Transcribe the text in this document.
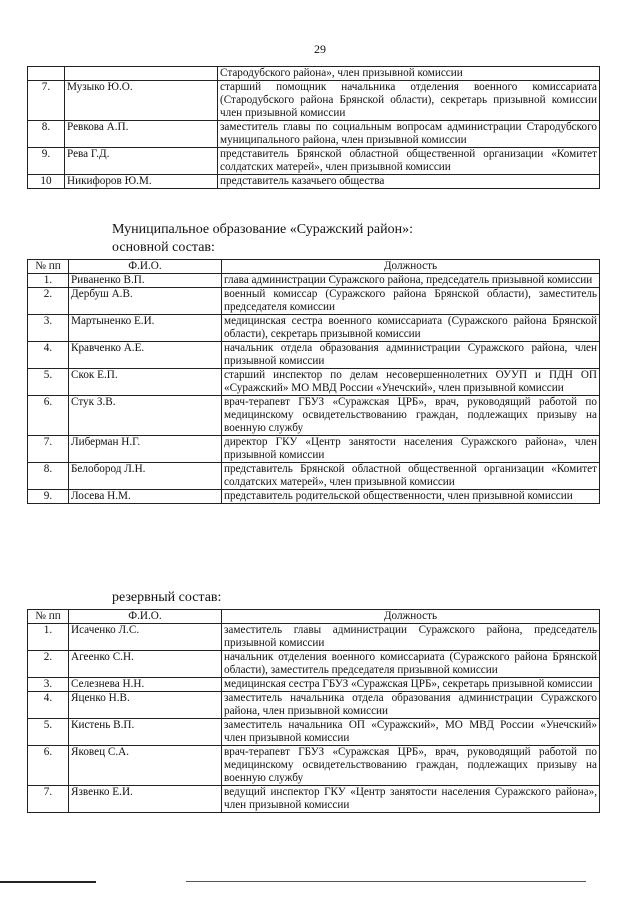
29
		Стародубского района», член призывной комиссии
7.	Музыко Ю.О.	старший помощник начальника отделения военного комиссариата (Стародубского района Брянской области), секретарь призывной комиссии член призывной комиссии
8.	Ревкова А.П.	заместитель главы по социальным вопросам администрации Стародубского муниципального района, член призывной комиссии
9.	Рева Г.Д.	представитель Брянской областной общественной организации «Комитет солдатских матерей», член призывной комиссии
10	Никифоров Ю.М.	представитель казачьего общества
Муниципальное образование «Суражский район»:
основной состав:
№ пп	Ф.И.О.	Должность
1.	Риваненко В.П.	глава администрации Суражского района, председатель призывной комиссии
2.	Дербуш А.В.	военный комиссар (Суражского района Брянской области), заместитель председателя комиссии
3.	Мартыненко Е.И.	медицинская сестра военного комиссариата (Суражского района Брянской области), секретарь призывной комиссии
4.	Кравченко А.Е.	начальник отдела образования администрации Суражского района, член призывной комиссии
5.	Скок Е.П.	старший инспектор по делам несовершеннолетних ОУУП и ПДН ОП «Суражский» МО МВД России «Унечский», член призывной комиссии
6.	Стук З.В.	врач-терапевт ГБУЗ «Суражская ЦРБ», врач, руководящий работой по медицинскому освидетельствованию граждан, подлежащих призыву на военную службу
7.	Либерман Н.Г.	директор ГКУ «Центр занятости населения Суражского района», член призывной комиссии
8.	Белобород Л.Н.	представитель Брянской областной общественной организации «Комитет солдатских матерей», член призывной комиссии
9.	Лосева Н.М.	представитель родительской общественности, член призывной комиссии
резервный состав:
№ пп	Ф.И.О.	Должность
1.	Исаченко Л.С.	заместитель главы администрации Суражского района, председатель призывной комиссии
2.	Агеенко С.Н.	начальник отделения военного комиссариата (Суражского района Брянской области), заместитель председателя призывной комиссии
3.	Селезнева Н.Н.	медицинская сестра ГБУЗ «Суражская ЦРБ», секретарь призывной комиссии
4.	Яценко Н.В.	заместитель начальника отдела образования администрации Суражского района, член призывной комиссии
5.	Кистень В.П.	заместитель начальника ОП «Суражский», МО МВД России «Унечский» член призывной комиссии
6.	Яковец С.А.	врач-терапевт ГБУЗ «Суражская ЦРБ», врач, руководящий работой по медицинскому освидетельствованию граждан, подлежащих призыву на военную службу
7.	Язвенко Е.И.	ведущий инспектор ГКУ «Центр занятости населения Суражского района», член призывной комиссии
